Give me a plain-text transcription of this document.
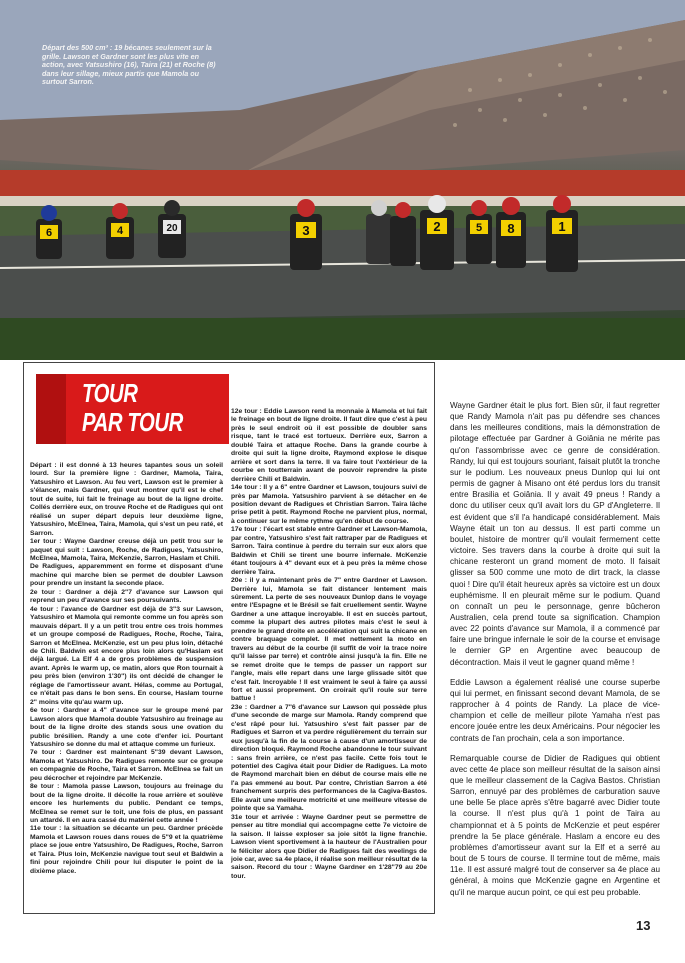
6	4	20	3	2	8
5	1
Départ des 500 cm³ : 19 bécanes seulement sur la grille. Lawson et Gardner sont les plus vite en action, avec Yatsushiro (16), Taira (21) et Roche (8) dans leur sillage, mieux partis que Mamola ou surtout Sarron.
TOUR
PAR TOUR

Départ : il est donné à 13 heures tapantes sous un soleil lourd. Sur la première ligne : Gardner, Mamola, Taira, Yatsushiro et Lawson. Au feu vert, Lawson est le premier à s'élancer, mais Gardner, qui veut montrer qu'il est le chef tout de suite, lui fait le freinage au bout de la ligne droite. Collés derrière eux, on trouve Roche et de Radigues qui ont réalisé un super départ depuis leur deuxième ligne, Yatsushiro, McElnea, Taira, Mamola, qui s'est un peu raté, et Sarron.

1er tour : Wayne Gardner creuse déjà un petit trou sur le paquet qui suit : Lawson, Roche, de Radigues, Yatsushiro, McElnea, Mamola, Taira, McKenzie, Sarron, Haslam et Chili.

De Radigues, apparemment en forme et disposant d'une machine qui marche bien se permet de doubler Lawson pour prendre un instant la seconde place.

2e tour : Gardner a déjà 2"7 d'avance sur Lawson qui reprend un peu d'avance sur ses poursuivants.

4e tour : l'avance de Gardner est déjà de 3"3 sur Lawson, Yatsushiro et Mamola qui remonte comme un fou après son mauvais départ. Il y a un petit trou entre ces trois hommes et un groupe composé de Radigues, Roche, Roche, Taira, Sarron et McElnea. McKenzie, est un peu plus loin, détaché de Chili. Baldwin est encore plus loin alors qu'Haslam est déjà largué. La Elf 4 a de gros problèmes de suspension avant. Après le warm up, ce matin, alors que Ron tournait à peu près bien (environ 1'30") ils ont décidé de changer le réglage de l'amortisseur avant. Hélas, comme au Portugal, ce n'était pas dans le bon sens. En course, Haslam tourne 2" moins vite qu'au warm up.

6e tour : Gardner a 4" d'avance sur le groupe mené par Lawson alors que Mamola double Yatsushiro au freinage au bout de la ligne droite des stands sous une ovation du public brésilien. Randy a une cote d'enfer ici. Pourtant Yatsushiro se donne du mal et attaque comme un furieux.

7e tour : Gardner est maintenant 5"39 devant Lawson, Mamola et Yatsushiro. De Radigues remonte sur ce groupe en compagnie de Roche, Taira et Sarron. McElnea se fait un peu décrocher et rejoindre par McKenzie.

8e tour : Mamola passe Lawson, toujours au freinage du bout de la ligne droite. Il décolle la roue arrière et soulève encore les hurlements du public. Pendant ce temps, McElnea se remet sur le toit, une fois de plus, en passant un attardé. Il en aura cassé du matériel cette année !

11e tour : la situation se décante un peu. Gardner précède Mamola et Lawson roues dans roues de 5"9 et la quatrième place se joue entre Yatsushiro, De Radigues, Roche, Sarron et Taira. Plus loin, McKenzie navigue tout seul et Baldwin a fini pour rejoindre Chili pour lui disputer le point de la dixième place.

12e tour : Eddie Lawson rend la monnaie à Mamola et lui fait le freinage en bout de ligne droite. Il faut dire que c'est à peu près le seul endroit où il est possible de doubler sans risque, tant le tracé est tortueux. Derrière eux, Sarron a doublé Taira et attaque Roche. Dans la grande courbe à droite qui suit la ligne droite, Raymond explose le disque arrière et sort dans la terre. Il va faire tout l'extérieur de la courbe en toutterrain avant de pouvoir reprendre la piste derrière Chili et Baldwin.

14e tour : Il y a 6" entre Gardner et Lawson, toujours suivi de près par Mamola. Yatsushiro parvient à se détacher en 4e position devant de Radigues et Christian Sarron. Taira lâche prise petit à petit. Raymond Roche ne parvient plus, normal, à continuer sur le même rythme qu'en début de course.

17e tour : l'écart est stable entre Gardner et Lawson-Mamola, par contre, Yatsushiro s'est fait rattraper par de Radigues et Sarron. Taira continue à perdre du terrain sur eux alors que Baldwin et Chili se tirent une bourre infernale. McKenzie étant toujours à 4" devant eux et à peu près la même chose derrière Taira.

20e : il y a maintenant près de 7" entre Gardner et Lawson. Derrière lui, Mamola se fait distancer lentement mais sûrement. La perte de ses nouveaux Dunlop dans le voyage entre l'Espagne et le Brésil se fait cruellement sentir. Wayne Gardner a une attaque incroyable. Il est en succès partout, comme la plupart des autres pilotes mais c'est le seul à prendre le grand droite en accélération qui suit la chicane en contre braquage complet. Il met nettement la moto en travers au début de la courbe (il suffit de voir la trace noire qu'il laisse par terre) et contrôle ainsi jusqu'à la fin. Elle ne se remet droite que le temps de passer un rapport sur l'angle, mais elle repart dans une large glissade sitôt que c'est fait. Incroyable ! Il est vraiment le seul à faire ça aussi fort et aussi proprement. On croirait qu'il roule sur terre battue !

23e : Gardner a 7"6 d'avance sur Lawson qui possède plus d'une seconde de marge sur Mamola. Randy comprend que c'est râpé pour lui. Yatsushiro s'est fait passer par de Radigues et Sarron et va perdre régulièrement du terrain sur eux jusqu'à la fin de la course à cause d'un amortisseur de direction bloqué. Raymond Roche abandonne le tour suivant : sans frein arrière, ce n'est pas facile. Cette fois tout le potentiel des Cagiva était pour Didier de Radigues. La moto de Raymond marchait bien en début de course mais elle ne l'a pas emmené au bout. Par contre, Christian Sarron a été franchement surpris des performances de la Cagiva-Bastos. Elle avait une meilleure motricité et une meilleure vitesse de pointe que sa Yamaha.

31e tour et arrivée : Wayne Gardner peut se permettre de penser au titre mondial qui accompagne cette 7e victoire de la saison. Il laisse exploser sa joie sitôt la ligne franchie. Lawson vient sportivement à la hauteur de l'Australien pour le féliciter alors que Didier de Radigues fait des weelings de joie car, avec sa 4e place, il réalise son meilleur résultat de la saison. Record du tour : Wayne Gardner en 1'28"79 au 20e tour.

Wayne Gardner était le plus fort. Bien sûr, il faut regretter que Randy Mamola n'ait pas pu défendre ses chances dans les meilleures conditions, mais la démonstration de pilotage effectuée par Gardner à Goiânia ne mérite pas qu'on l'assombrisse avec ce genre de considération. Randy, lui qui est toujours souriant, faisait plutôt la tronche sur le podium. Les nouveaux pneus Dunlop qui lui ont permis de gagner à Misano ont été perdus lors du transit entre Brasilia et Goiânia. Il y avait 49 pneus ! Randy a donc du utiliser ceux qu'il avait lors du GP d'Angleterre. Il est évident que s'il l'a handicapé considérablement. Mais Wayne était un ton au dessus. Il est parti comme un boulet, histoire de montrer qu'il voulait fermement cette victoire. Ses travers dans la courbe à droite qui suit la chicane resteront un grand moment de moto. Il faisait glisser sa 500 comme une moto de dirt track, la classe quoi ! Dire qu'il était heureux après sa victoire est un doux euphémisme. Il en pleurait même sur le podium. Quand on connaît un peu le personnage, genre bûcheron Australien, cela prend toute sa signification. Champion avec 22 points d'avance sur Mamola, il a commencé par faire une bringue infernale le soir de la course et envisage le dernier GP en Argentine avec beaucoup de décontraction. Mais il veut le gagner quand même !

Eddie Lawson a également réalisé une course superbe qui lui permet, en finissant second devant Mamola, de se rapprocher à 4 points de Randy. La place de vice-champion et celle de meilleur pilote Yamaha n'est pas encore jouée entre les deux Américains. Pour négocier les contrats de l'an prochain, cela a son importance.

Remarquable course de Didier de Radigues qui obtient avec cette 4e place son meilleur résultat de la saison ainsi que le meilleur classement de la Cagiva Bastos. Christian Sarron, ennuyé par des problèmes de carburation sauve une belle 5e place après s'être bagarré avec Didier toute la course. Il n'est plus qu'à 1 point de Taira au championnat et à 5 points de McKenzie et peut espérer prendre la 5e place générale. Haslam a encore eu des problèmes d'amortisseur avant sur la Elf et a serré au bout de 5 tours de course. Il termine tout de même, mais 11e. Il est assuré malgré tout de conserver sa 4e place au général, à moins que McKenzie gagne en Argentine et qu'il ne marque aucun point, ce qui est peu probable.

13
